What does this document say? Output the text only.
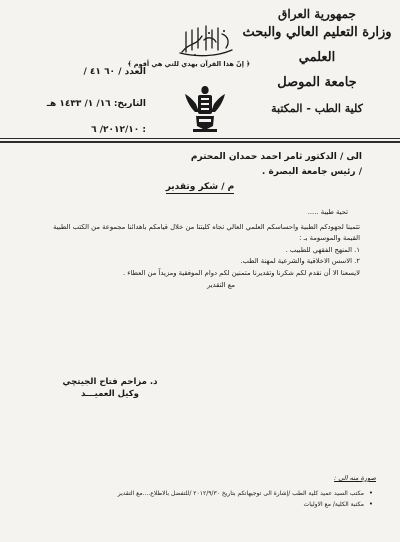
جمهورية العراق
وزارة التعليم العالي والبحث
العلمي
جامعة الموصل
كلية الطب - المكتبة
﴿ إنّ هذا القرآن يهدي للتي هي أقوم ﴾
العدد / ٦٠ ٤١ /
التاريخ: ١٦/ ١/ ١٤٣٣ هـ
: ٢٠١٢/١٠/ ٦
الى / الدكتور ثامر احمد حمدان المحترم
/ رئيس جامعة البصرة .
م / شكر وتقدير

تحية طيبة .....

تثمينا لجهودكم الطبية واحساسكم العلمي العالي تجاه كليتنا من خلال قيامكم باهدائنا مجموعة من الكتب الطبية القيمة والموسومة بـ :

١. المنهج الفقهي للطبيب .

٢. الاسس الاخلاقية والشرعية لمهنة الطب.

لايسعنا الا أن نقدم لكم شكرنا وتقديرنا متمنين لكم دوام الموفقية ومزيداً من العطاء .

مع التقدير

د. مزاحم فتاح الجيتچي
وكيل العميـــد
صورة منه الى :
• مكتب السيد عميد كلية الطب /إشارة الى توجيهاتكم بتاريخ ٢٠١٢/٩/٣٠ /للتفضل بالاطلاع....مع التقدير
• مكتبة الكلية/ مع الاوليات
